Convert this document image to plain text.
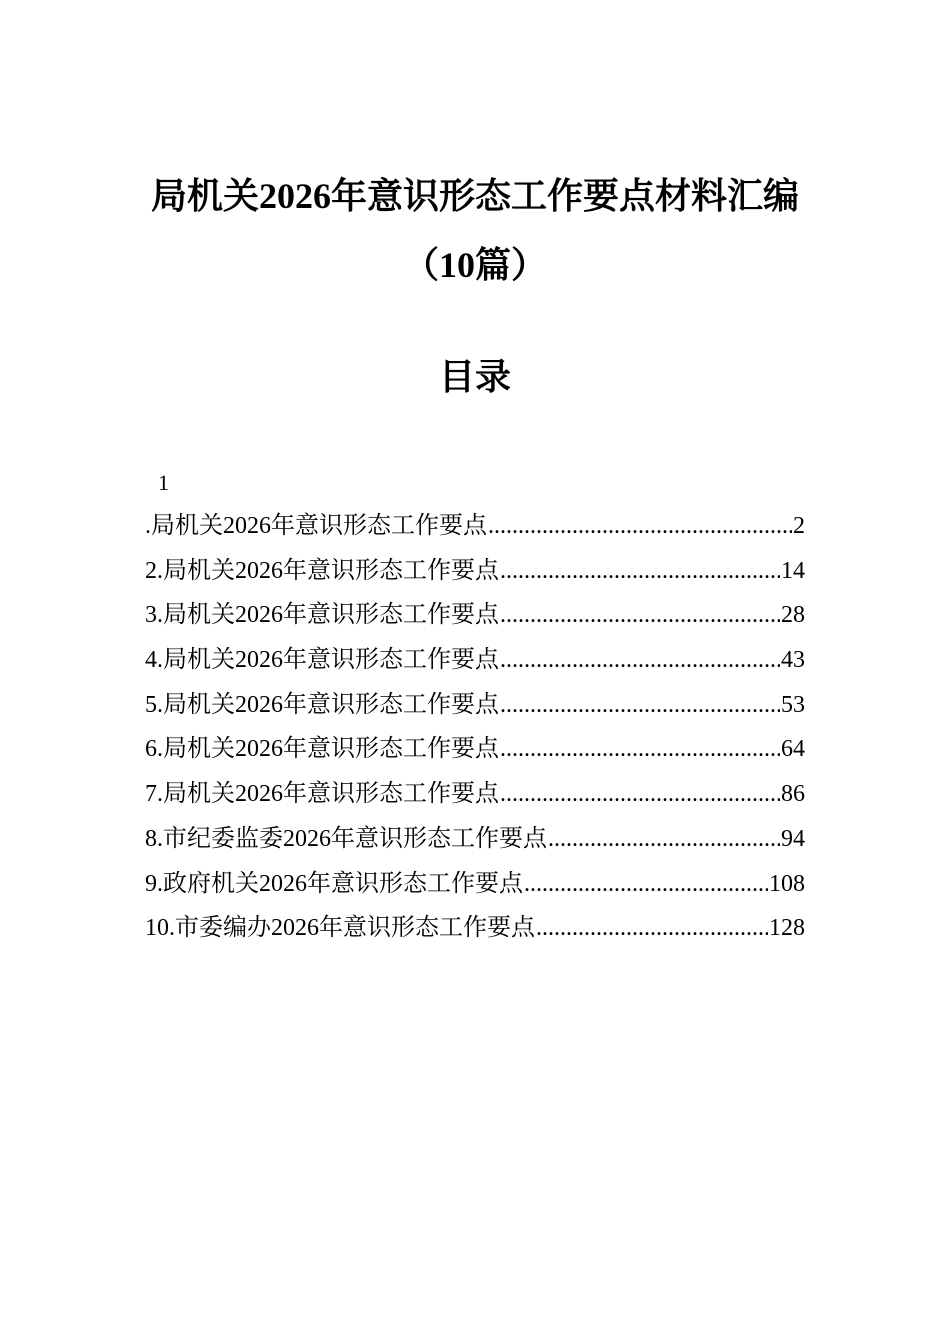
局机关2026年意识形态工作要点材料汇编
（10篇）
目录
1
.局机关2026年意识形态工作要点 .....	2
2.局机关2026年意识形态工作要点 .....	14
3.局机关2026年意识形态工作要点 .....	28
4.局机关2026年意识形态工作要点 .....	43
5.局机关2026年意识形态工作要点 .....	53
6.局机关2026年意识形态工作要点 .....	64
7.局机关2026年意识形态工作要点 .....	86
8.市纪委监委2026年意识形态工作要点 .....	94
9.政府机关2026年意识形态工作要点 .....	108
10.市委编办2026年意识形态工作要点 .....	128
